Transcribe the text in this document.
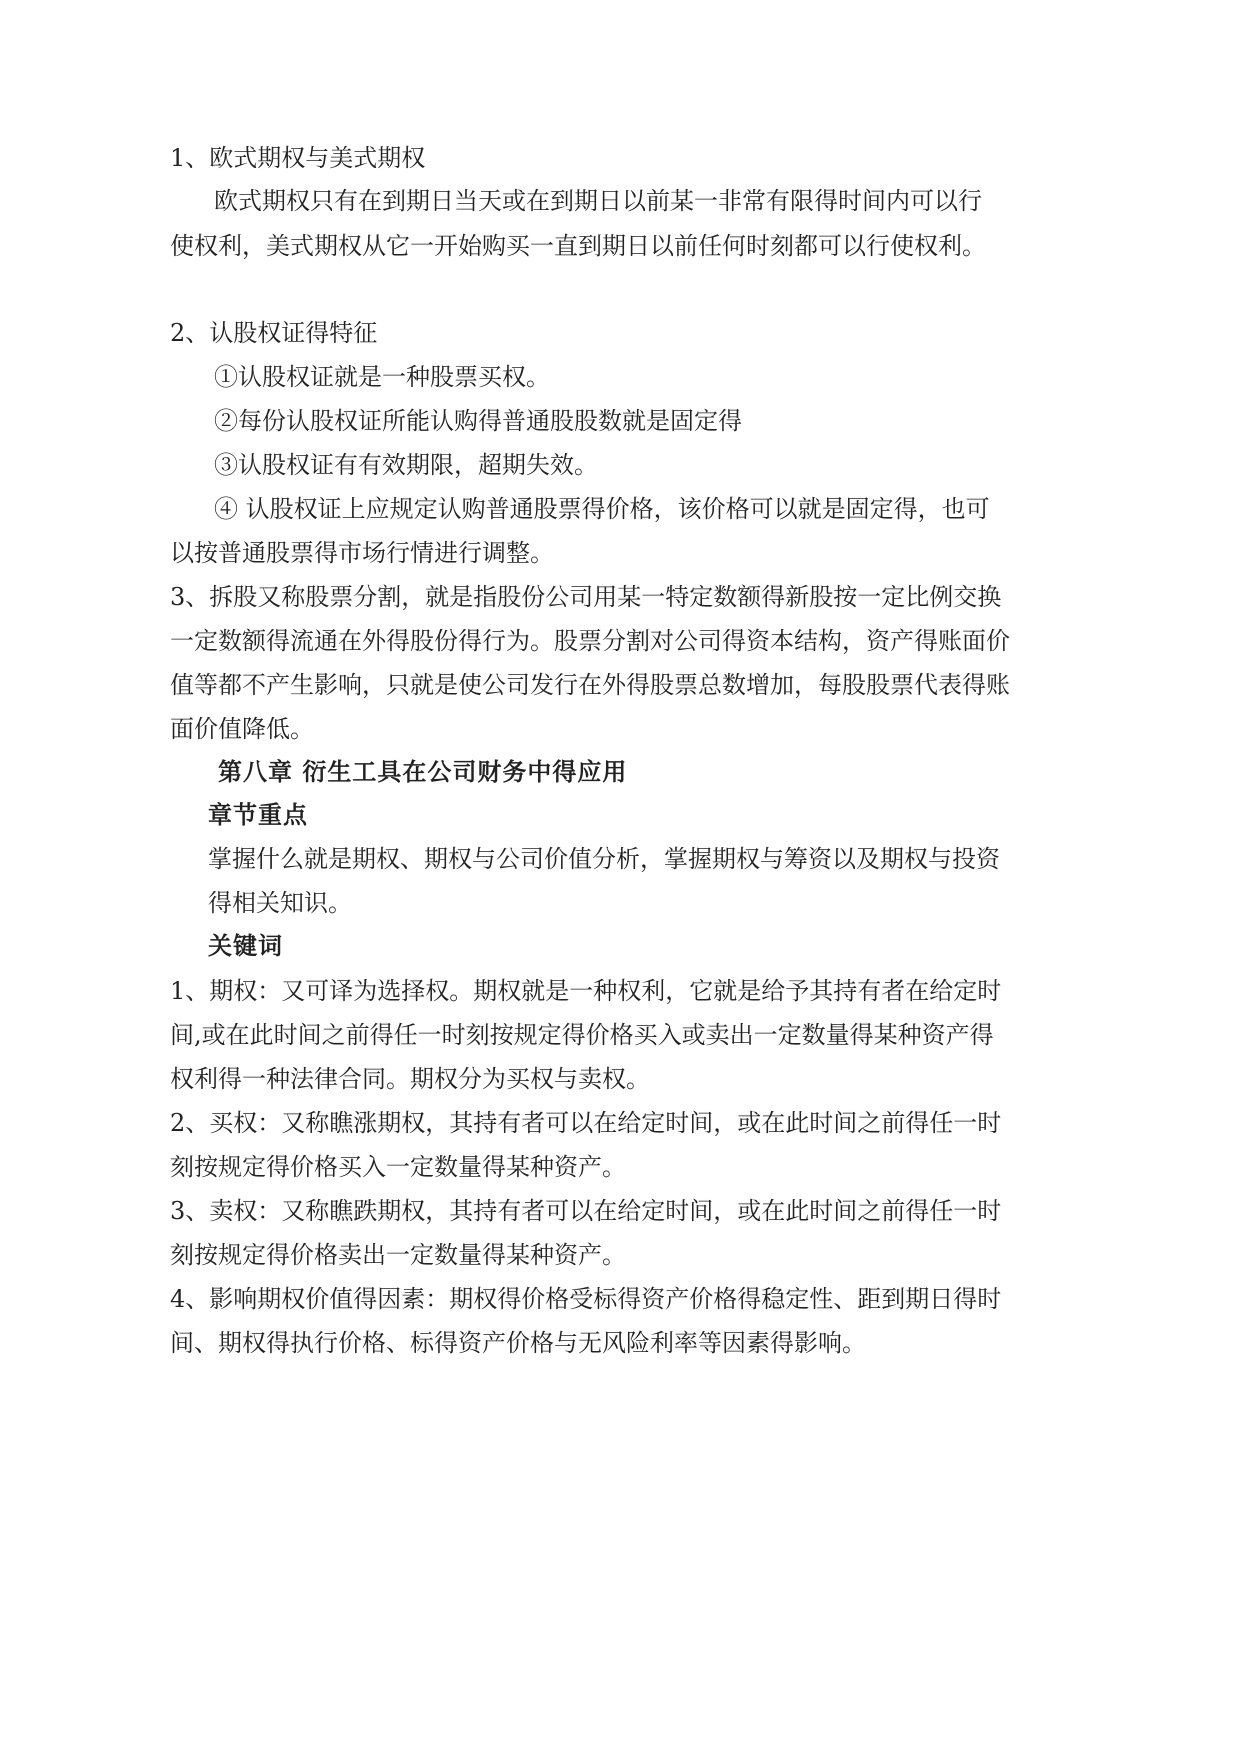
1、欧式期权与美式期权
欧式期权只有在到期日当天或在到期日以前某一非常有限得时间内可以行
使权利，美式期权从它一开始购买一直到期日以前任何时刻都可以行使权利。
2、认股权证得特征
①认股权证就是一种股票买权。
②每份认股权证所能认购得普通股股数就是固定得
③认股权证有有效期限，超期失效。
④ 认股权证上应规定认购普通股票得价格，该价格可以就是固定得，也可
以按普通股票得市场行情进行调整。
3、拆股又称股票分割，就是指股份公司用某一特定数额得新股按一定比例交换
一定数额得流通在外得股份得行为。股票分割对公司得资本结构，资产得账面价
值等都不产生影响，只就是使公司发行在外得股票总数增加，每股股票代表得账
面价值降低。
第八章 衍生工具在公司财务中得应用
章节重点
掌握什么就是期权、期权与公司价值分析，掌握期权与筹资以及期权与投资
得相关知识。
关键词
1、期权：又可译为选择权。期权就是一种权利，它就是给予其持有者在给定时
间,或在此时间之前得任一时刻按规定得价格买入或卖出一定数量得某种资产得
权利得一种法律合同。期权分为买权与卖权。
2、买权：又称瞧涨期权，其持有者可以在给定时间，或在此时间之前得任一时
刻按规定得价格买入一定数量得某种资产。
3、卖权：又称瞧跌期权，其持有者可以在给定时间，或在此时间之前得任一时
刻按规定得价格卖出一定数量得某种资产。
4、影响期权价值得因素：期权得价格受标得资产价格得稳定性、距到期日得时
间、期权得执行价格、标得资产价格与无风险利率等因素得影响。
